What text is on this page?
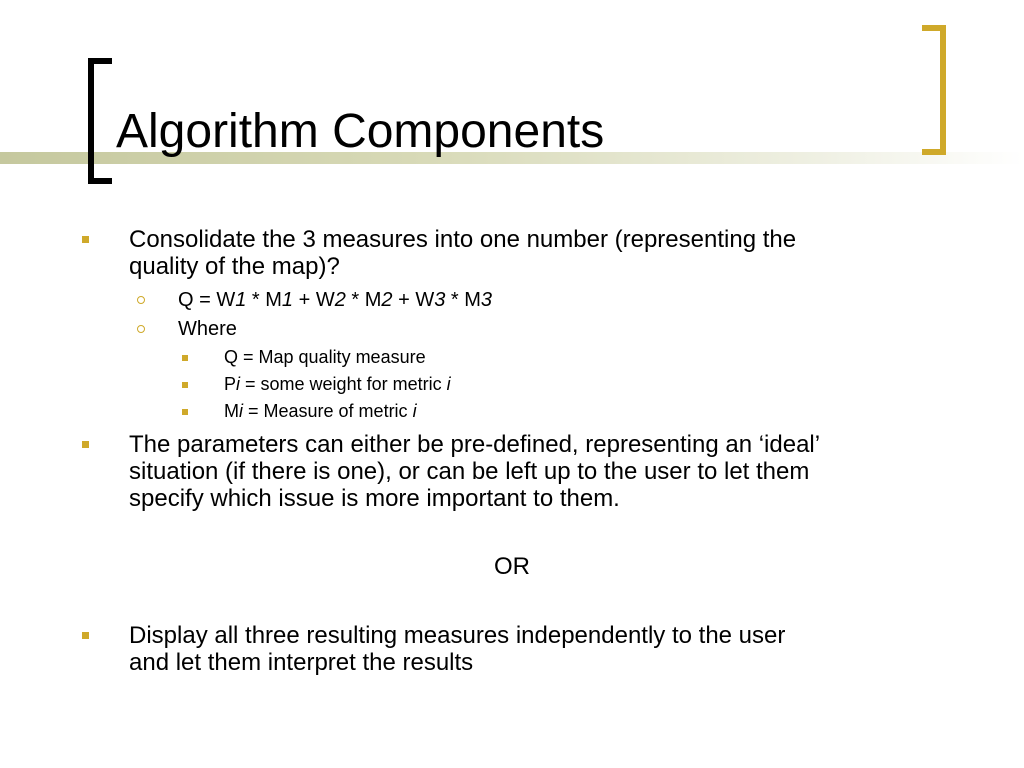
Algorithm Components

Consolidate the 3 measures into one number (representing the

quality of the map)?

Q = W1 * M1 + W2 * M2 + W3 * M3

Where

Q = Map quality measure

Pi = some weight for metric i

Mi = Measure of metric i

The parameters can either be pre-defined, representing an ‘ideal’

situation (if there is one), or can be left up to the user to let them

specify which issue is more important to them.

OR

Display all three resulting measures independently to the user

and let them interpret the results
